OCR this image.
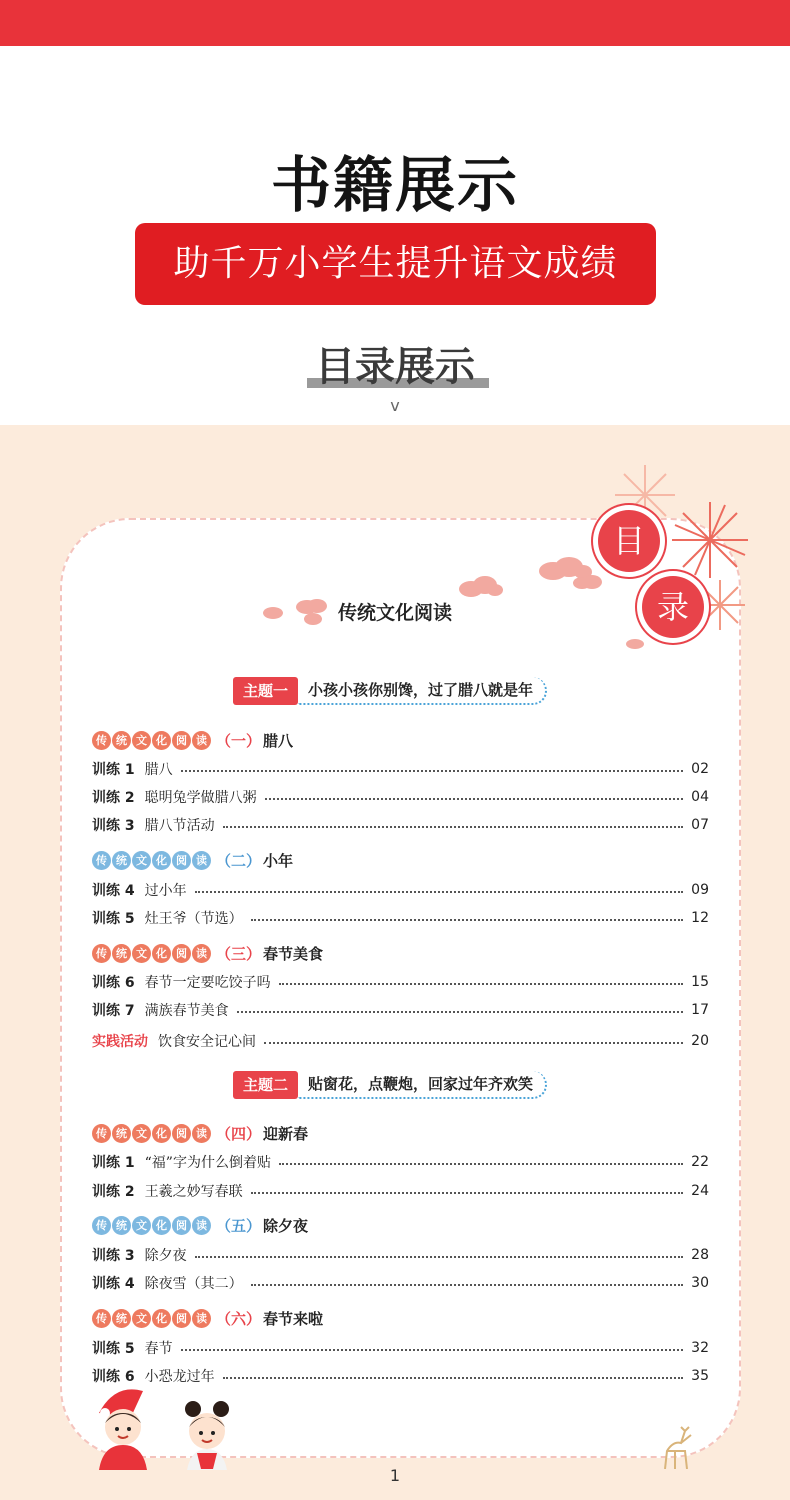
书籍展示
助千万小学生提升语文成绩
目录展示
v
目
录
传统文化阅读
主题一	小孩小孩你别馋，过了腊八就是年
主题二	贴窗花，点鞭炮，回家过年齐欢笑
传 统 文 化 阅 读 （一） 腊八
传 统 文 化 阅 读 （二） 小年
传 统 文 化 阅 读 （三） 春节美食
传 统 文 化 阅 读 （四） 迎新春
传 统 文 化 阅 读 （五） 除夕夜
传 统 文 化 阅 读 （六） 春节来啦
训练 1 腊八	02
训练 2 聪明兔学做腊八粥	04
训练 3 腊八节活动	07
训练 4 过小年	09
训练 5 灶王爷（节选）	12
训练 6 春节一定要吃饺子吗	15
训练 7 满族春节美食	17
实践活动 饮食安全记心间	20
训练 1 “福”字为什么倒着贴	22
训练 2 王羲之妙写春联	24
训练 3 除夕夜	28
训练 4 除夜雪（其二）	30
训练 5 春节	32
训练 6 小恐龙过年	35
1
